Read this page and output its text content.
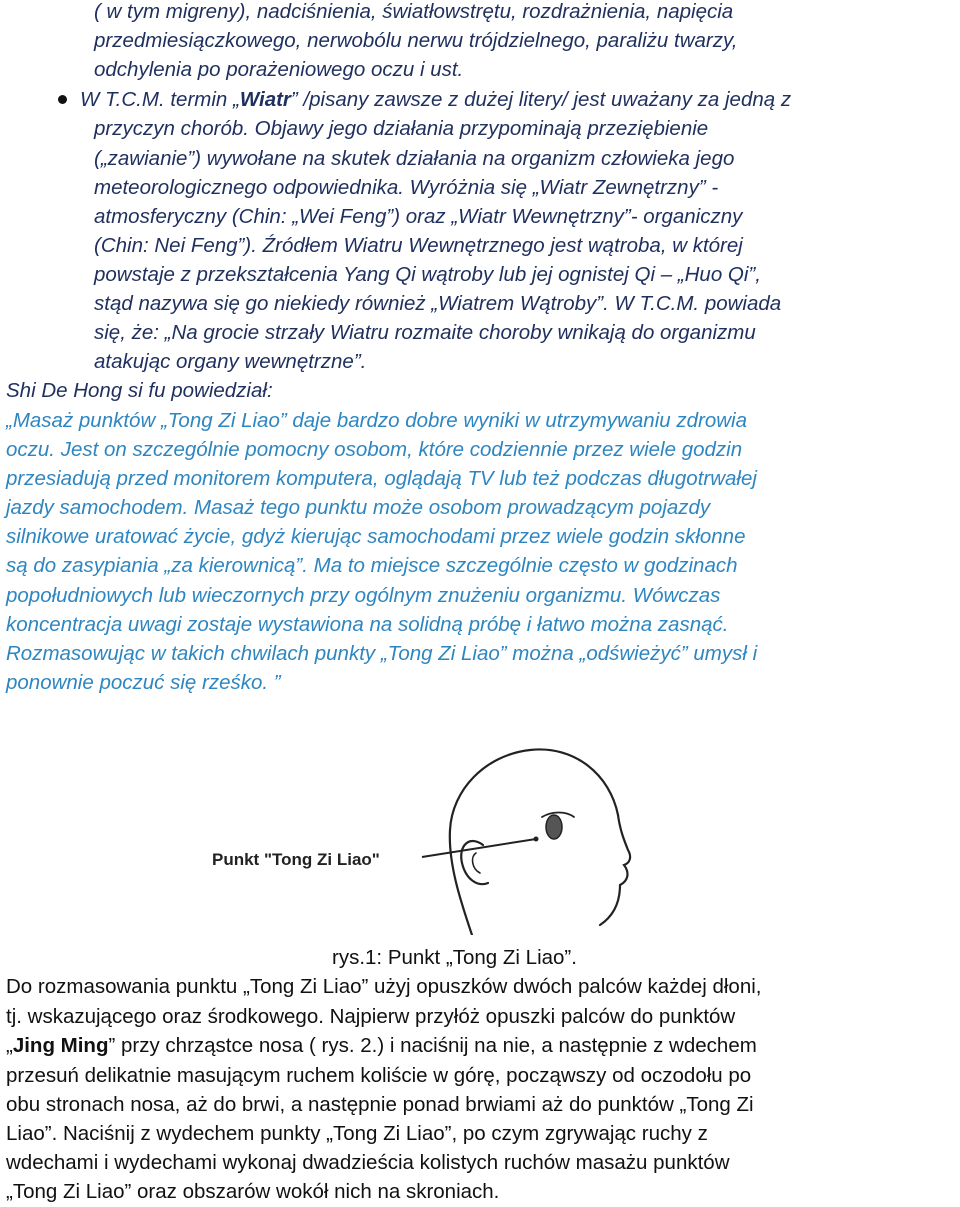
( w tym migreny), nadciśnienia, światłowstrętu, rozdrażnienia, napięcia
przedmiesiączkowego, nerwobólu nerwu trójdzielnego, paraliżu twarzy,
odchylenia po porażeniowego oczu i ust.
W T.C.M. termin „Wiatr” /pisany zawsze z dużej litery/ jest uważany za jedną z
przyczyn chorób. Objawy jego działania przypominają przeziębienie
(„zawianie”) wywołane na skutek działania na organizm człowieka jego
meteorologicznego odpowiednika. Wyróżnia się „Wiatr Zewnętrzny” -
atmosferyczny (Chin: „Wei Feng”) oraz „Wiatr Wewnętrzny”- organiczny
(Chin: Nei Feng”). Źródłem Wiatru Wewnętrznego jest wątroba, w której
powstaje z przekształcenia Yang Qi wątroby lub jej ognistej Qi – „Huo Qi”,
stąd nazywa się go niekiedy również „Wiatrem Wątroby”. W T.C.M. powiada
się, że: „Na grocie strzały Wiatru rozmaite choroby wnikają do organizmu
atakując organy wewnętrzne”.
Shi De Hong si fu powiedział:
„Masaż punktów „Tong Zi Liao” daje bardzo dobre wyniki w utrzymywaniu zdrowia
oczu. Jest on szczególnie pomocny osobom, które codziennie przez wiele godzin
przesiadują przed monitorem komputera, oglądają TV lub też podczas długotrwałej
jazdy samochodem. Masaż tego punktu może osobom prowadzącym pojazdy
silnikowe uratować życie, gdyż kierując samochodami przez wiele godzin skłonne
są do zasypiania „za kierownicą”. Ma to miejsce szczególnie często w godzinach
popołudniowych lub wieczornych przy ogólnym znużeniu organizmu. Wówczas
koncentracja uwagi zostaje wystawiona na solidną próbę i łatwo można zasnąć.
Rozmasowując w takich chwilach punkty „Tong Zi Liao” można „odświeżyć” umysł i
ponownie poczuć się rześko. ”
Punkt "Tong Zi Liao"
rys.1: Punkt „Tong Zi Liao”.
Do rozmasowania punktu „Tong Zi Liao” użyj opuszków dwóch palców każdej dłoni,
tj. wskazującego oraz środkowego. Najpierw przyłóż opuszki palców do punktów
„Jing Ming” przy chrząstce nosa ( rys. 2.) i naciśnij na nie, a następnie z wdechem
przesuń delikatnie masującym ruchem koliście w górę, począwszy od oczodołu po
obu stronach nosa, aż do brwi, a następnie ponad brwiami aż do punktów „Tong Zi
Liao”. Naciśnij z wydechem punkty „Tong Zi Liao”, po czym zgrywając ruchy z
wdechami i wydechami wykonaj dwadzieścia kolistych ruchów masażu punktów
„Tong Zi Liao” oraz obszarów wokół nich na skroniach.
